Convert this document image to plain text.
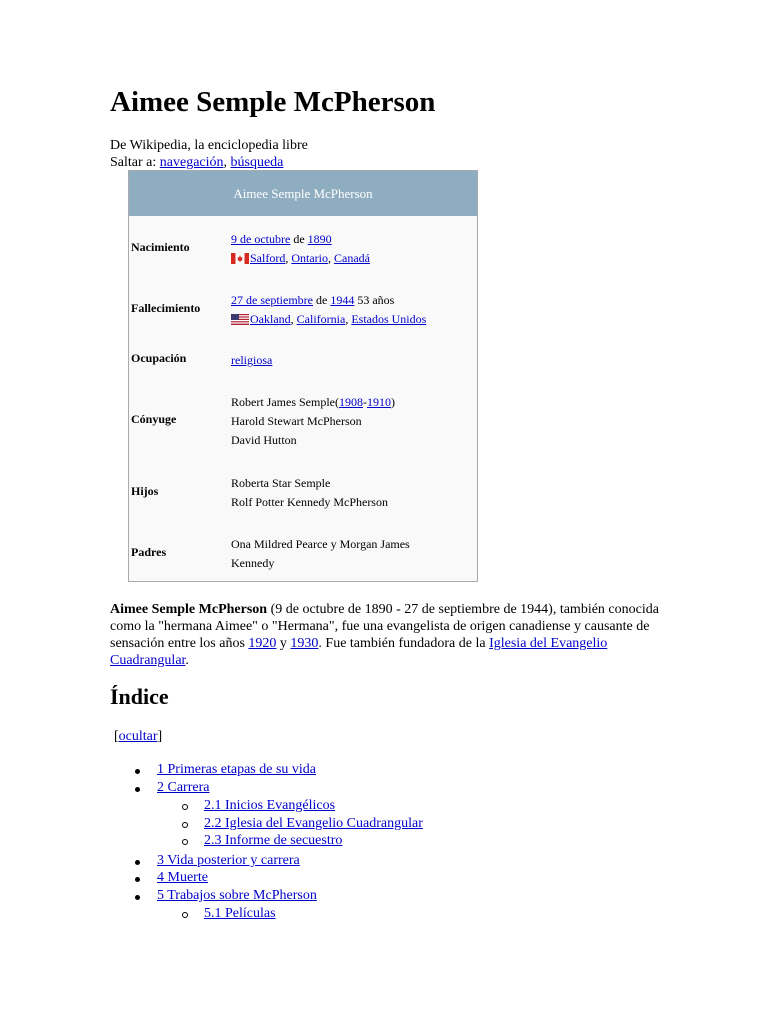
Aimee Semple McPherson
De Wikipedia, la enciclopedia libre
Saltar a: navegación, búsqueda
Aimee Semple McPherson
Nacimiento
9 de octubre de 1890
Salford, Ontario, Canadá
Fallecimiento
27 de septiembre de 1944 53 años
Oakland, California, Estados Unidos
Ocupación	religiosa
Cónyuge
Robert James Semple(1908-1910)
Harold Stewart McPherson
David Hutton
Hijos
Roberta Star Semple
Rolf Potter Kennedy McPherson
Padres
Ona Mildred Pearce y Morgan James
Kennedy
Aimee Semple McPherson (9 de octubre de 1890 - 27 de septiembre de 1944), también conocida como la "hermana Aimee" o "Hermana", fue una evangelista de origen canadiense y causante de sensación entre los años 1920 y 1930. Fue también fundadora de la Iglesia del Evangelio Cuadrangular.
Índice
[ocultar]
1 Primeras etapas de su vida
2 Carrera
2.1 Inicios Evangélicos
2.2 Iglesia del Evangelio Cuadrangular
2.3 Informe de secuestro
3 Vida posterior y carrera
4 Muerte
5 Trabajos sobre McPherson
5.1 Películas
